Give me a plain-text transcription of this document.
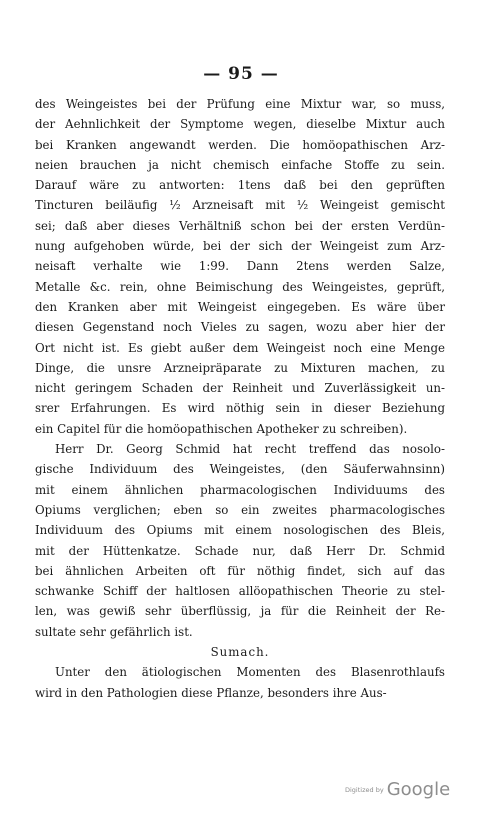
— 95 —
des Weingeistes bei der Prüfung eine Mixtur war, so muss,
der Aehnlichkeit der Symptome wegen, dieselbe Mixtur auch
bei Kranken angewandt werden. Die homöopathischen Arz-
neien brauchen ja nicht chemisch einfache Stoffe zu sein.
Darauf wäre zu antworten: 1tens daß bei den geprüften
Tincturen beiläufig ½ Arzneisaft mit ½ Weingeist gemischt
sei; daß aber dieses Verhältniß schon bei der ersten Verdün-
nung aufgehoben würde, bei der sich der Weingeist zum Arz-
neisaft verhalte wie 1:99. Dann 2tens werden Salze,
Metalle &c. rein, ohne Beimischung des Weingeistes, geprüft,
den Kranken aber mit Weingeist eingegeben. Es wäre über
diesen Gegenstand noch Vieles zu sagen, wozu aber hier der
Ort nicht ist. Es giebt außer dem Weingeist noch eine Menge
Dinge, die unsre Arzneipräparate zu Mixturen machen, zu
nicht geringem Schaden der Reinheit und Zuverlässigkeit un-
srer Erfahrungen. Es wird nöthig sein in dieser Beziehung
ein Capitel für die homöopathischen Apotheker zu schreiben).
Herr Dr. Georg Schmid hat recht treffend das nosolo-
gische Individuum des Weingeistes, (den Säuferwahnsinn)
mit einem ähnlichen pharmacologischen Individuums des
Opiums verglichen; eben so ein zweites pharmacologisches
Individuum des Opiums mit einem nosologischen des Bleis,
mit der Hüttenkatze. Schade nur, daß Herr Dr. Schmid
bei ähnlichen Arbeiten oft für nöthig findet, sich auf das
schwanke Schiff der haltlosen allöopathischen Theorie zu stel-
len, was gewiß sehr überflüssig, ja für die Reinheit der Re-
sultate sehr gefährlich ist.
Sumach.
Unter den ätiologischen Momenten des Blasenrothlaufs
wird in den Pathologien diese Pflanze, besonders ihre Aus-
Digitized by Google
